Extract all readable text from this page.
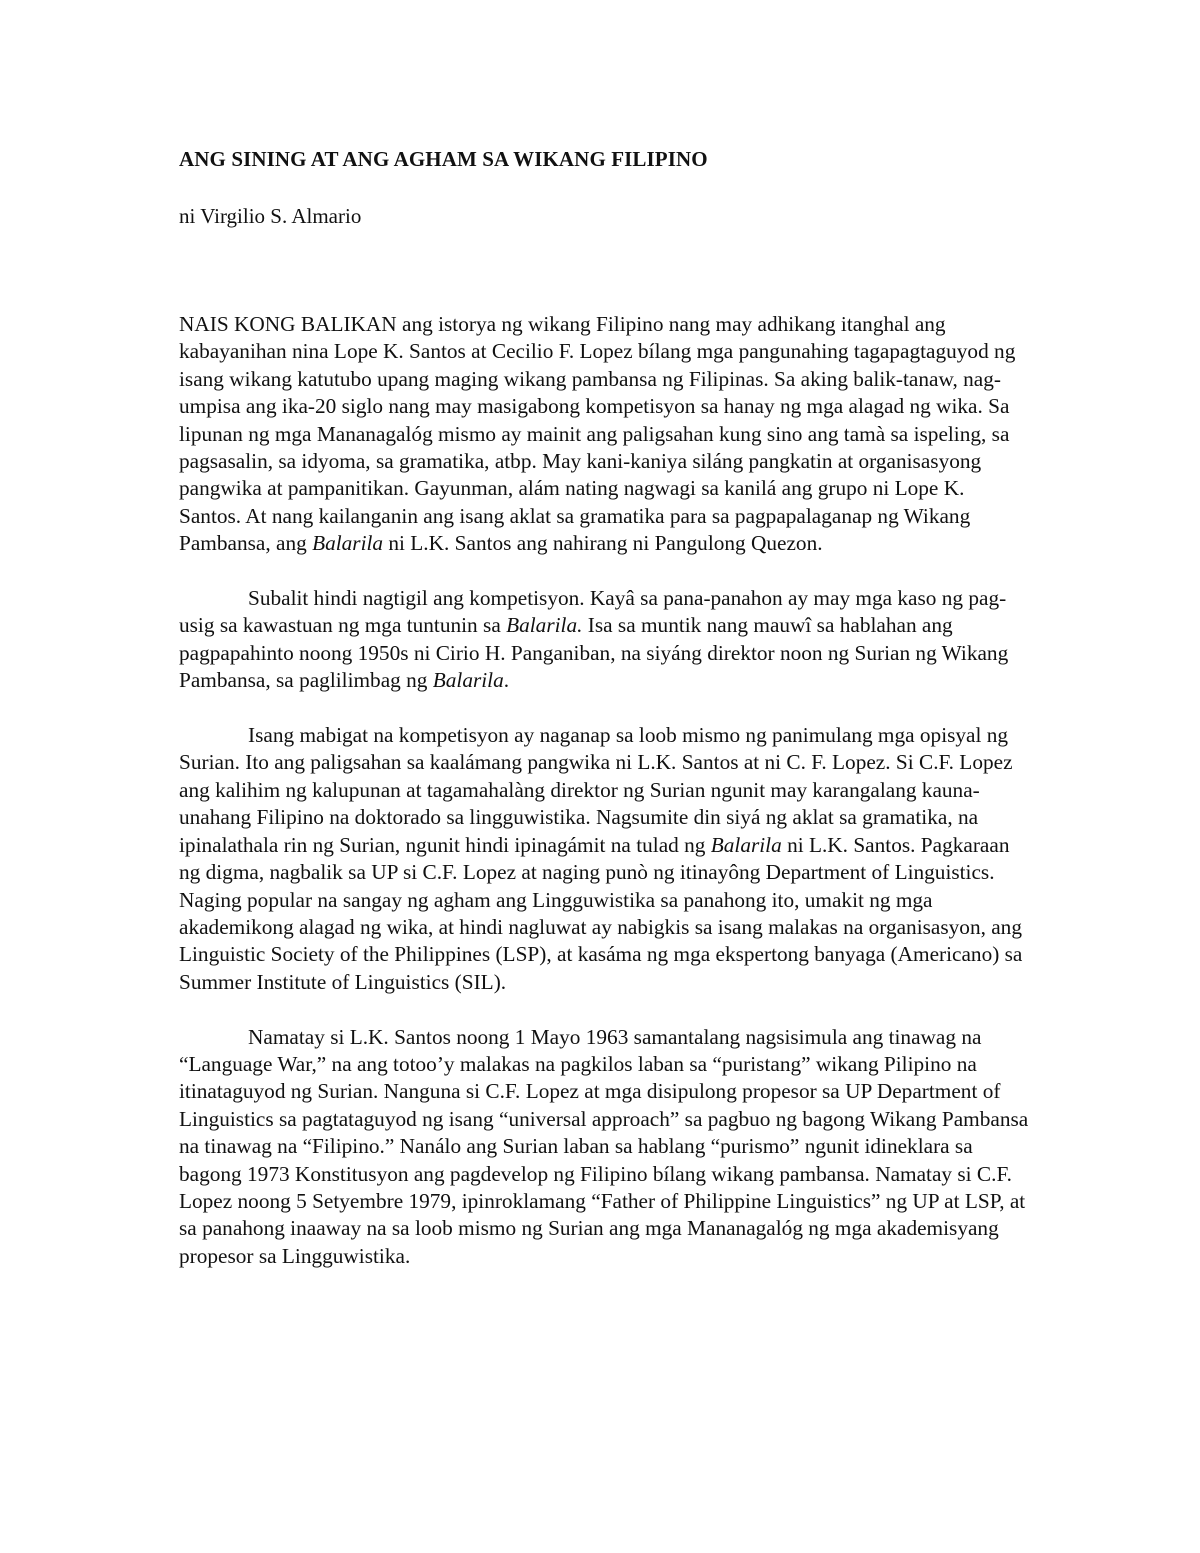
ANG SINING AT ANG AGHAM SA WIKANG FILIPINO

ni Virgilio S. Almario

NAIS KONG BALIKAN ang istorya ng wikang Filipino nang may adhikang itanghal ang kabayanihan nina Lope K. Santos at Cecilio F. Lopez bílang mga pangunahing tagapagtaguyod ng isang wikang katutubo upang maging wikang pambansa ng Filipinas. Sa aking balik-tanaw, nag-umpisa ang ika-20 siglo nang may masigabong kompetisyon sa hanay ng mga alagad ng wika. Sa lipunan ng mga Mananagalóg mismo ay mainit ang paligsahan kung sino ang tamà sa ispeling, sa pagsasalin, sa idyoma, sa gramatika, atbp. May kani-kaniya siláng pangkatin at organisasyong pangwika at pampanitikan. Gayunman, alám nating nagwagi sa kanilá ang grupo ni Lope K. Santos. At nang kailanganin ang isang aklat sa gramatika para sa pagpapalaganap ng Wikang Pambansa, ang Balarila ni L.K. Santos ang nahirang ni Pangulong Quezon.

Subalit hindi nagtigil ang kompetisyon. Kayâ sa pana-panahon ay may mga kaso ng pag-usig sa kawastuan ng mga tuntunin sa Balarila. Isa sa muntik nang mauwî sa hablahan ang pagpapahinto noong 1950s ni Cirio H. Panganiban, na siyáng direktor noon ng Surian ng Wikang Pambansa, sa paglilimbag ng Balarila.

Isang mabigat na kompetisyon ay naganap sa loob mismo ng panimulang mga opisyal ng Surian. Ito ang paligsahan sa kaalámang pangwika ni L.K. Santos at ni C. F. Lopez. Si C.F. Lopez ang kalihim ng kalupunan at tagamahalàng direktor ng Surian ngunit may karangalang kauna-unahang Filipino na doktorado sa lingguwistika. Nagsumite din siyá ng aklat sa gramatika, na ipinalathala rin ng Surian, ngunit hindi ipinagámit na tulad ng Balarila ni L.K. Santos. Pagkaraan ng digma, nagbalik sa UP si C.F. Lopez at naging punò ng itinayông Department of Linguistics. Naging popular na sangay ng agham ang Lingguwistika sa panahong ito, umakit ng mga akademikong alagad ng wika, at hindi nagluwat ay nabigkis sa isang malakas na organisasyon, ang Linguistic Society of the Philippines (LSP), at kasáma ng mga ekspertong banyaga (Americano) sa Summer Institute of Linguistics (SIL).

Namatay si L.K. Santos noong 1 Mayo 1963 samantalang nagsisimula ang tinawag na “Language War,” na ang totoo’y malakas na pagkilos laban sa “puristang” wikang Pilipino na itinataguyod ng Surian. Nanguna si C.F. Lopez at mga disipulong propesor sa UP Department of Linguistics sa pagtataguyod ng isang “universal approach” sa pagbuo ng bagong Wikang Pambansa na tinawag na “Filipino.” Nanálo ang Surian laban sa hablang “purismo” ngunit idineklara sa bagong 1973 Konstitusyon ang pagdevelop ng Filipino bílang wikang pambansa. Namatay si C.F. Lopez noong 5 Setyembre 1979, ipinroklamang “Father of Philippine Linguistics” ng UP at LSP, at sa panahong inaaway na sa loob mismo ng Surian ang mga Mananagalóg ng mga akademisyang propesor sa Lingguwistika.
